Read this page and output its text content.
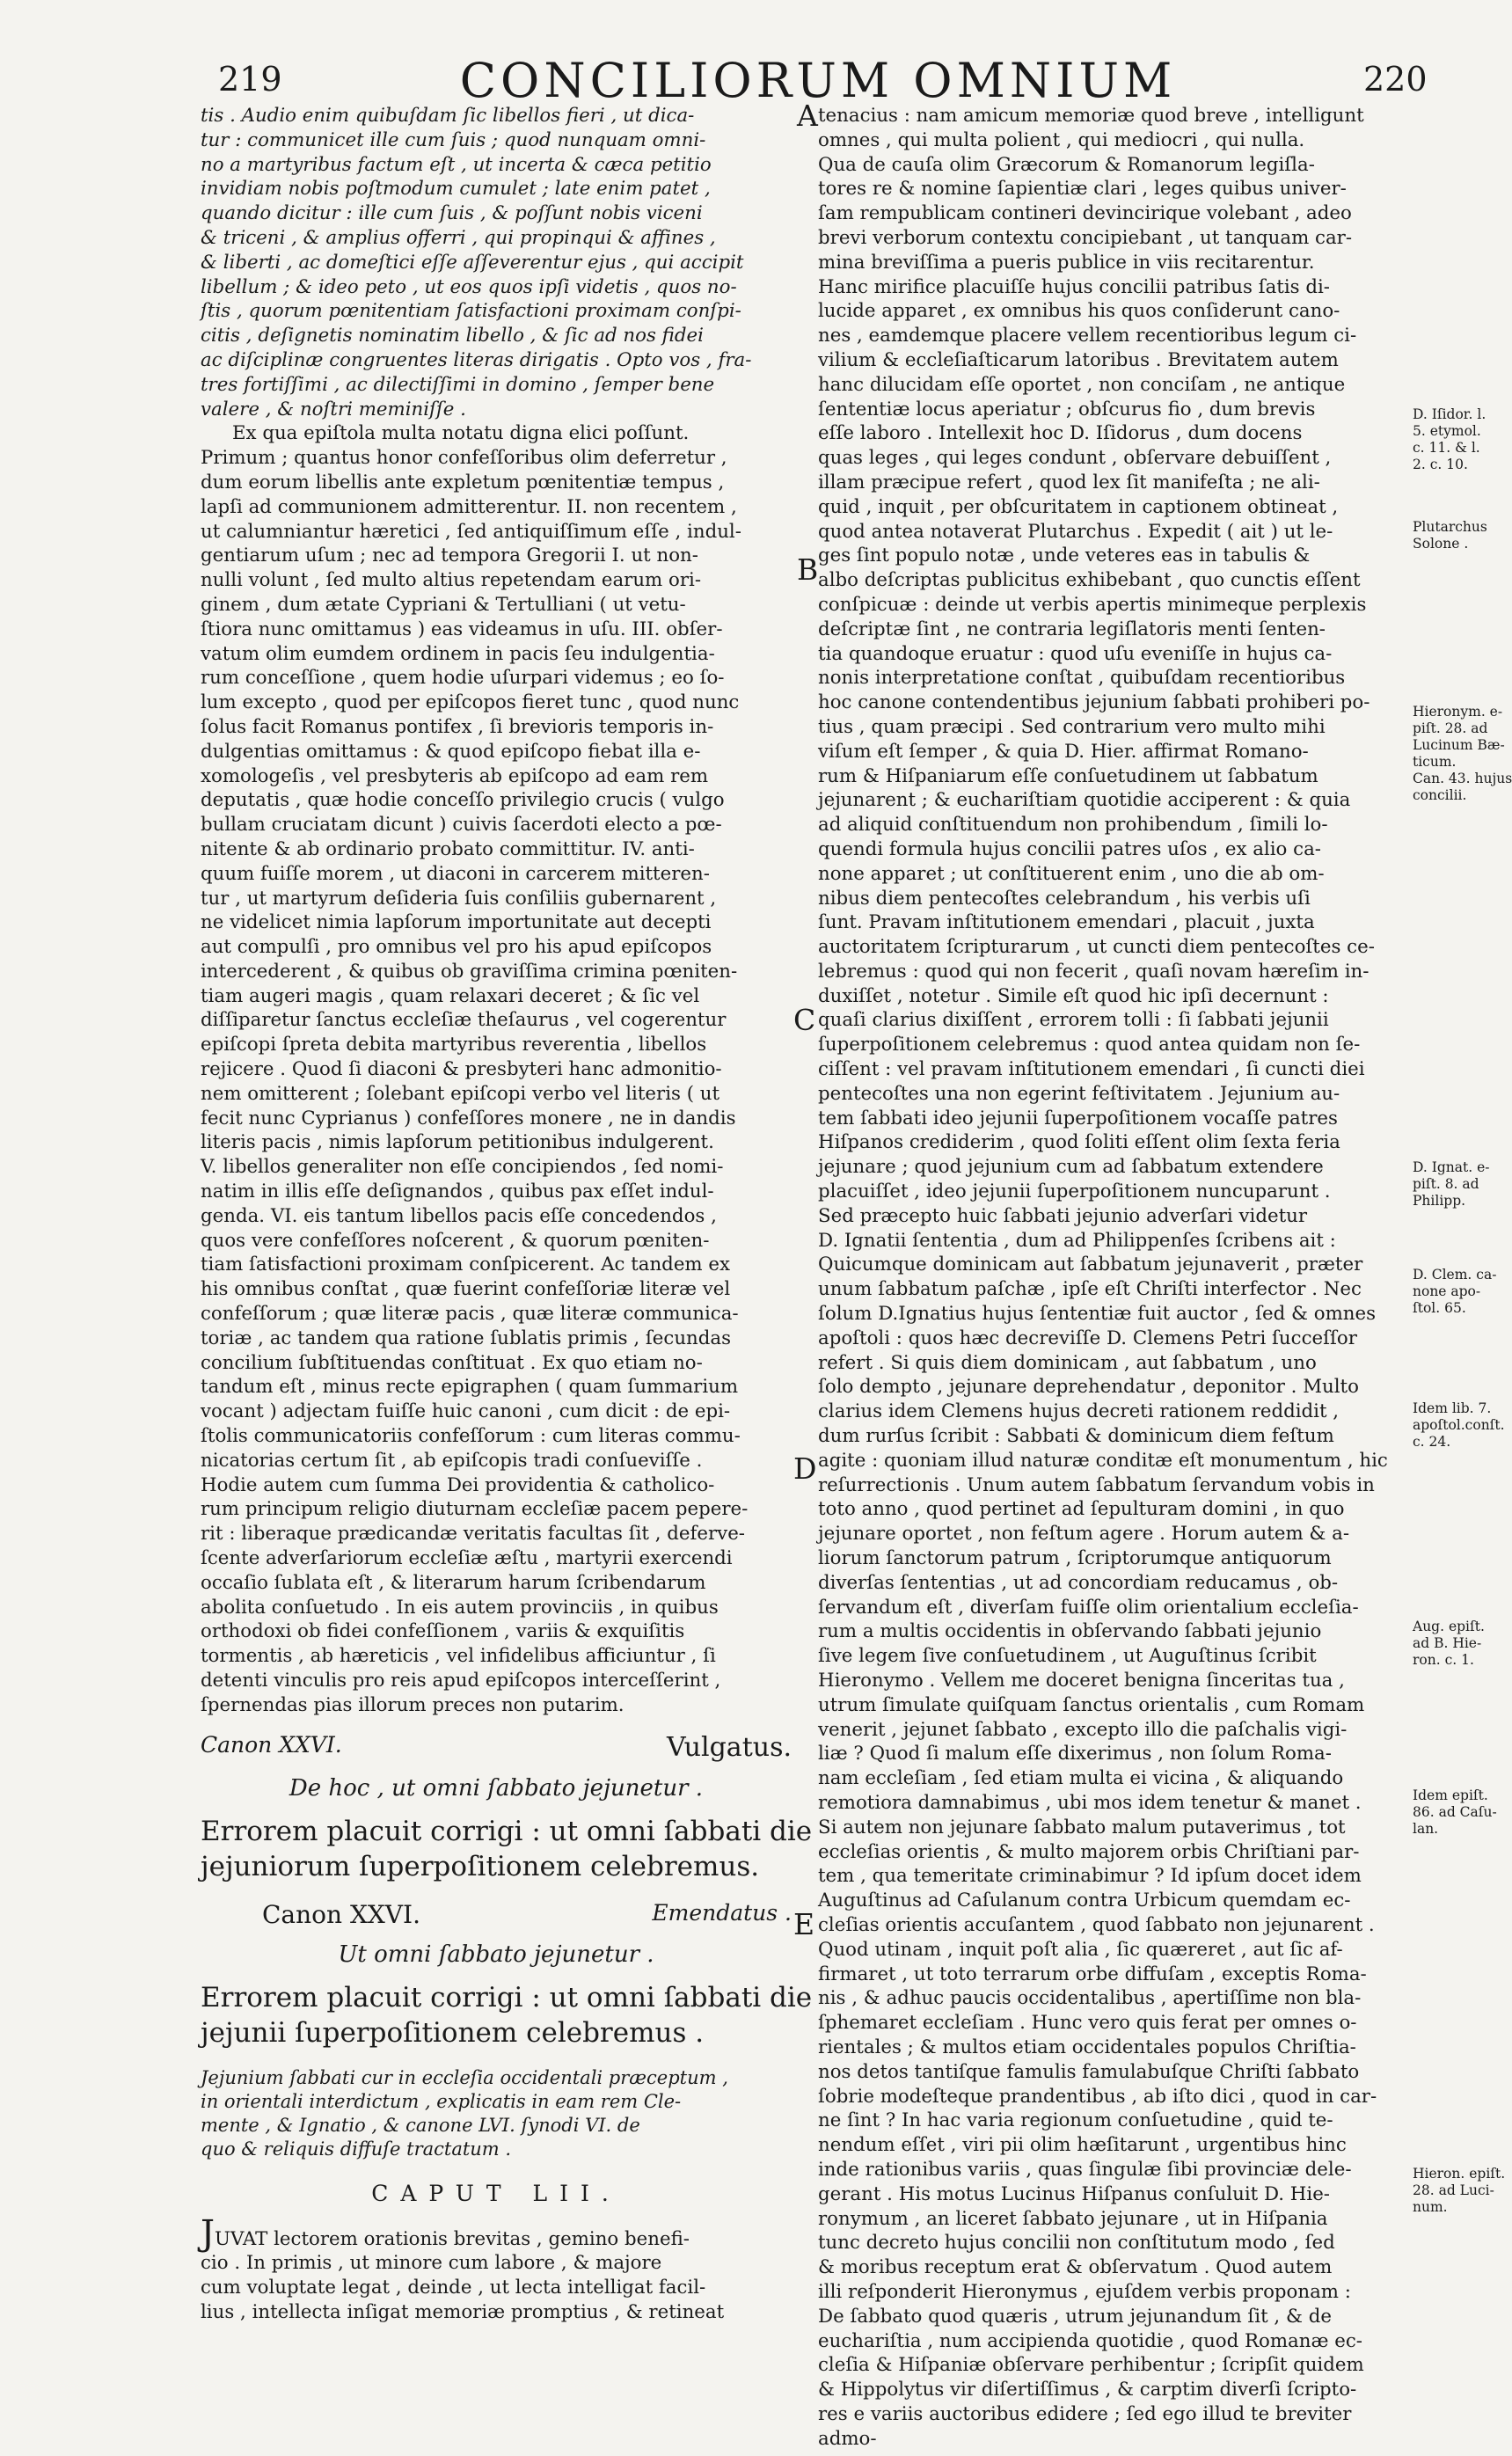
219	CONCILIORUM OMNIUM	220
tis . Audio enim quibuſdam ſic libellos fieri , ut dica-
tur : communicet ille cum ſuis ; quod nunquam omni-
no a martyribus factum eſt , ut incerta & cæca petitio
invidiam nobis poſtmodum cumulet ; late enim patet ,
quando dicitur : ille cum ſuis , & poſſunt nobis viceni
& triceni , & amplius offerri , qui propinqui & affines ,
& liberti , ac domeſtici eſſe aſſeverentur ejus , qui accipit
libellum ; & ideo peto , ut eos quos ipſi videtis , quos no-
ſtis , quorum pœnitentiam ſatisfactioni proximam conſpi-
citis , deſignetis nominatim libello , & ſic ad nos fidei
ac diſciplinæ congruentes literas dirigatis . Opto vos , fra-
tres fortiſſimi , ac dilectiſſimi in domino , ſemper bene
valere , & noſtri meminiſſe .
Ex qua epiſtola multa notatu digna elici poſſunt.
Primum ; quantus honor confeſſoribus olim deferretur ,
dum eorum libellis ante expletum pœnitentiæ tempus ,
lapſi ad communionem admitterentur. II. non recentem ,
ut calumniantur hæretici , ſed antiquiſſimum eſſe , indul-
gentiarum uſum ; nec ad tempora Gregorii I. ut non-
nulli volunt , ſed multo altius repetendam earum ori-
ginem , dum ætate Cypriani & Tertulliani ( ut vetu-
ſtiora nunc omittamus ) eas videamus in uſu. III. obſer-
vatum olim eumdem ordinem in pacis ſeu indulgentia-
rum conceſſione , quem hodie uſurpari videmus ; eo ſo-
lum excepto , quod per epiſcopos fieret tunc , quod nunc
ſolus facit Romanus pontifex , ſi brevioris temporis in-
dulgentias omittamus : & quod epiſcopo fiebat illa e-
xomologeſis , vel presbyteris ab epiſcopo ad eam rem
deputatis , quæ hodie conceſſo privilegio crucis ( vulgo
bullam cruciatam dicunt ) cuivis ſacerdoti electo a pœ-
nitente & ab ordinario probato committitur. IV. anti-
quum fuiſſe morem , ut diaconi in carcerem mitteren-
tur , ut martyrum deſideria ſuis conſiliis gubernarent ,
ne videlicet nimia lapſorum importunitate aut decepti
aut compulſi , pro omnibus vel pro his apud epiſcopos
intercederent , & quibus ob graviſſima crimina pœniten-
tiam augeri magis , quam relaxari deceret ; & ſic vel
diſſiparetur ſanctus eccleſiæ theſaurus , vel cogerentur
epiſcopi ſpreta debita martyribus reverentia , libellos
rejicere . Quod ſi diaconi & presbyteri hanc admonitio-
nem omitterent ; ſolebant epiſcopi verbo vel literis ( ut
fecit nunc Cyprianus ) confeſſores monere , ne in dandis
literis pacis , nimis lapſorum petitionibus indulgerent.
V. libellos generaliter non eſſe concipiendos , ſed nomi-
natim in illis eſſe deſignandos , quibus pax eſſet indul-
genda. VI. eis tantum libellos pacis eſſe concedendos ,
quos vere confeſſores noſcerent , & quorum pœniten-
tiam ſatisfactioni proximam conſpicerent. Ac tandem ex
his omnibus conſtat , quæ fuerint confeſſoriæ literæ vel
confeſſorum ; quæ literæ pacis , quæ literæ communica-
toriæ , ac tandem qua ratione ſublatis primis , ſecundas
concilium ſubſtituendas conſtituat . Ex quo etiam no-
tandum eſt , minus recte epigraphen ( quam ſummarium
vocant ) adjectam fuiſſe huic canoni , cum dicit : de epi-
ſtolis communicatoriis confeſſorum : cum literas commu-
nicatorias certum ſit , ab epiſcopis tradi conſueviſſe .
Hodie autem cum ſumma Dei providentia & catholico-
rum principum religio diuturnam eccleſiæ pacem pepere-
rit : liberaque prædicandæ veritatis facultas ſit , deferve-
ſcente adverſariorum eccleſiæ æſtu , martyrii exercendi
occaſio ſublata eſt , & literarum harum ſcribendarum
abolita conſuetudo . In eis autem provinciis , in quibus
orthodoxi ob fidei confeſſionem , variis & exquiſitis
tormentis , ab hæreticis , vel infidelibus afficiuntur , ſi
detenti vinculis pro reis apud epiſcopos interceſſerint ,
ſpernendas pias illorum preces non putarim.
Canon XXVI.	Vulgatus.
De hoc , ut omni ſabbato jejunetur .
Errorem placuit corrigi : ut omni ſabbati die
jejuniorum ſuperpoſitionem celebremus.
Canon XXVI.	Emendatus .
Ut omni ſabbato jejunetur .
Errorem placuit corrigi : ut omni ſabbati die
jejunii ſuperpoſitionem celebremus .
Jejunium ſabbati cur in eccleſia occidentali præceptum ,
in orientali interdictum , explicatis in eam rem Cle-
mente , & Ignatio , & canone LVI. ſynodi VI. de
quo & reliquis diffuſe tractatum .
CAPUT LII.
JUVAT lectorem orationis brevitas , gemino benefi-
cio . In primis , ut minore cum labore , & majore
cum voluptate legat , deinde , ut lecta intelligat facil-
lius , intellecta inſigat memoriæ promptius , & retineat
tenacius : nam amicum memoriæ quod breve , intelligunt
omnes , qui multa polient , qui mediocri , qui nulla.
Qua de cauſa olim Græcorum & Romanorum legiſla-
tores re & nomine ſapientiæ clari , leges quibus univer-
ſam rempublicam contineri devincirique volebant , adeo
brevi verborum contextu concipiebant , ut tanquam car-
mina breviſſima a pueris publice in viis recitarentur.
Hanc mirifice placuiſſe hujus concilii patribus ſatis di-
lucide apparet , ex omnibus his quos conſiderunt cano-
nes , eamdemque placere vellem recentioribus legum ci-
vilium & eccleſiaſticarum latoribus . Brevitatem autem
hanc dilucidam eſſe oportet , non conciſam , ne antique
ſententiæ locus aperiatur ; obſcurus fio , dum brevis
eſſe laboro . Intellexit hoc D. Iſidorus , dum docens
quas leges , qui leges condunt , obſervare debuiſſent ,
illam præcipue refert , quod lex ſit manifeſta ; ne ali-
quid , inquit , per obſcuritatem in captionem obtineat ,
quod antea notaverat Plutarchus . Expedit ( ait ) ut le-
ges ſint populo notæ , unde veteres eas in tabulis &
albo deſcriptas publicitus exhibebant , quo cunctis eſſent
conſpicuæ : deinde ut verbis apertis minimeque perplexis
deſcriptæ ſint , ne contraria legiſlatoris menti ſenten-
tia quandoque eruatur : quod uſu eveniſſe in hujus ca-
nonis interpretatione conſtat , quibuſdam recentioribus
hoc canone contendentibus jejunium ſabbati prohiberi po-
tius , quam præcipi . Sed contrarium vero multo mihi
viſum eſt ſemper , & quia D. Hier. affirmat Romano-
rum & Hiſpaniarum eſſe conſuetudinem ut ſabbatum
jejunarent ; & euchariſtiam quotidie acciperent : & quia
ad aliquid conſtituendum non prohibendum , ſimili lo-
quendi formula hujus concilii patres uſos , ex alio ca-
none apparet ; ut conſtituerent enim , uno die ab om-
nibus diem pentecoſtes celebrandum , his verbis uſi
ſunt. Pravam inſtitutionem emendari , placuit , juxta
auctoritatem ſcripturarum , ut cuncti diem pentecoſtes ce-
lebremus : quod qui non fecerit , quaſi novam hæreſim in-
duxiſſet , notetur . Simile eſt quod hic ipſi decernunt :
quaſi clarius dixiſſent , errorem tolli : ſi ſabbati jejunii
ſuperpoſitionem celebremus : quod antea quidam non ſe-
ciſſent : vel pravam inſtitutionem emendari , ſi cuncti diei
pentecoſtes una non egerint feſtivitatem . Jejunium au-
tem ſabbati ideo jejunii ſuperpoſitionem vocaſſe patres
Hiſpanos crediderim , quod ſoliti eſſent olim ſexta feria
jejunare ; quod jejunium cum ad ſabbatum extendere
placuiſſet , ideo jejunii ſuperpoſitionem nuncuparunt .
Sed præcepto huic ſabbati jejunio adverſari videtur
D. Ignatii ſententia , dum ad Philippenſes ſcribens ait :
Quicumque dominicam aut ſabbatum jejunaverit , præter
unum ſabbatum paſchæ , ipſe eſt Chriſti interfector . Nec
ſolum D.Ignatius hujus ſententiæ fuit auctor , ſed & omnes
apoſtoli : quos hæc decreviſſe D. Clemens Petri ſucceſſor
refert . Si quis diem dominicam , aut ſabbatum , uno
ſolo dempto , jejunare deprehendatur , deponitor . Multo
clarius idem Clemens hujus decreti rationem reddidit ,
dum rurſus ſcribit : Sabbati & dominicum diem feſtum
agite : quoniam illud naturæ conditæ eſt monumentum , hic
reſurrectionis . Unum autem ſabbatum ſervandum vobis in
toto anno , quod pertinet ad ſepulturam domini , in quo
jejunare oportet , non feſtum agere . Horum autem & a-
liorum ſanctorum patrum , ſcriptorumque antiquorum
diverſas ſententias , ut ad concordiam reducamus , ob-
ſervandum eſt , diverſam fuiſſe olim orientalium eccleſia-
rum a multis occidentis in obſervando ſabbati jejunio
ſive legem ſive conſuetudinem , ut Auguſtinus ſcribit
Hieronymo . Vellem me doceret benigna ſinceritas tua ,
utrum ſimulate quiſquam ſanctus orientalis , cum Romam
venerit , jejunet ſabbato , excepto illo die paſchalis vigi-
liæ ? Quod ſi malum eſſe dixerimus , non ſolum Roma-
nam eccleſiam , ſed etiam multa ei vicina , & aliquando
remotiora damnabimus , ubi mos idem tenetur & manet .
Si autem non jejunare ſabbato malum putaverimus , tot
eccleſias orientis , & multo majorem orbis Chriſtiani par-
tem , qua temeritate criminabimur ? Id ipſum docet idem
Auguſtinus ad Caſulanum contra Urbicum quemdam ec-
cleſias orientis accuſantem , quod ſabbato non jejunarent .
Quod utinam , inquit poſt alia , ſic quæreret , aut ſic af-
firmaret , ut toto terrarum orbe diffuſam , exceptis Roma-
nis , & adhuc paucis occidentalibus , apertiſſime non bla-
ſphemaret eccleſiam . Hunc vero quis ferat per omnes o-
rientales ; & multos etiam occidentales populos Chriſtia-
nos detos tantiſque famulis famulabuſque Chriſti ſabbato
ſobrie modeſteque prandentibus , ab iſto dici , quod in car-
ne ſint ? In hac varia regionum conſuetudine , quid te-
nendum eſſet , viri pii olim hæſitarunt , urgentibus hinc
inde rationibus variis , quas ſingulæ ſibi provinciæ dele-
gerant . His motus Lucinus Hiſpanus conſuluit D. Hie-
ronymum , an liceret ſabbato jejunare , ut in Hiſpania
tunc decreto hujus concilii non conſtitutum modo , ſed
& moribus receptum erat & obſervatum . Quod autem
illi reſponderit Hieronymus , ejuſdem verbis proponam :
De ſabbato quod quæris , utrum jejunandum ſit , & de
euchariſtia , num accipienda quotidie , quod Romanæ ec-
cleſia & Hiſpaniæ obſervare perhibentur ; ſcripſit quidem
& Hippolytus vir diſertiſſimus , & carptim diverſi ſcripto-
res e variis auctoribus edidere ; ſed ego illud te breviter
admo-
A
B
C
D
E
D. Iſidor. l.
5. etymol.
c. 11. & l.
2. c. 10.
Plutarchus
Solone .
Hieronym. e-
piſt. 28. ad
Lucinum Bæ-
ticum.
Can. 43. hujus
concilii.
D. Ignat. e-
piſt. 8. ad
Philipp.
D. Clem. ca-
none apo-
ſtol. 65.
Idem lib. 7.
apoſtol.conſt.
c. 24.
Aug. epiſt.
ad B. Hie-
ron. c. 1.
Idem epiſt.
86. ad Caſu-
lan.
Hieron. epiſt.
28. ad Luci-
num.
